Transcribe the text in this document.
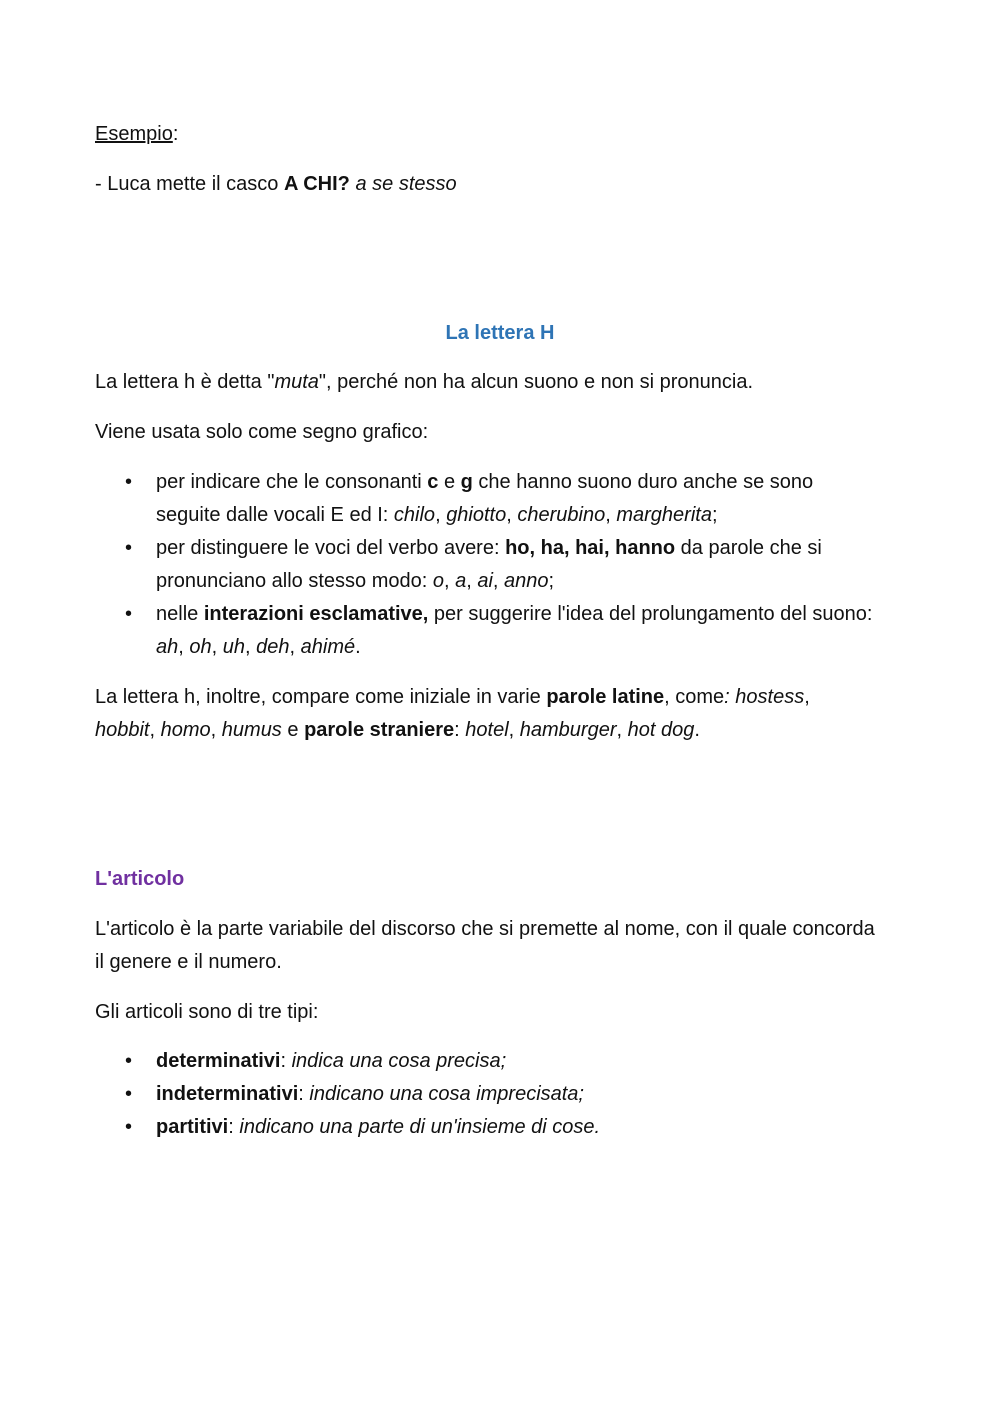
Esempio:

- Luca mette il casco A CHI? a se stesso

La lettera H

La lettera h è detta "muta", perché non ha alcun suono e non si pronuncia.

Viene usata solo come segno grafico:

• per indicare che le consonanti c e g che hanno suono duro anche se sono seguite dalle vocali E ed I: chilo, ghiotto, cherubino, margherita;
• per distinguere le voci del verbo avere: ho, ha, hai, hanno da parole che si pronunciano allo stesso modo: o, a, ai, anno;
• nelle interazioni esclamative, per suggerire l'idea del prolungamento del suono: ah, oh, uh, deh, ahimé.

La lettera h, inoltre, compare come iniziale in varie parole latine, come: hostess, hobbit, homo, humus e parole straniere: hotel, hamburger, hot dog.

L'articolo

L'articolo è la parte variabile del discorso che si premette al nome, con il quale concorda il genere e il numero.

Gli articoli sono di tre tipi:

• determinativi: indica una cosa precisa;
• indeterminativi: indicano una cosa imprecisata;
• partitivi: indicano una parte di un'insieme di cose.
